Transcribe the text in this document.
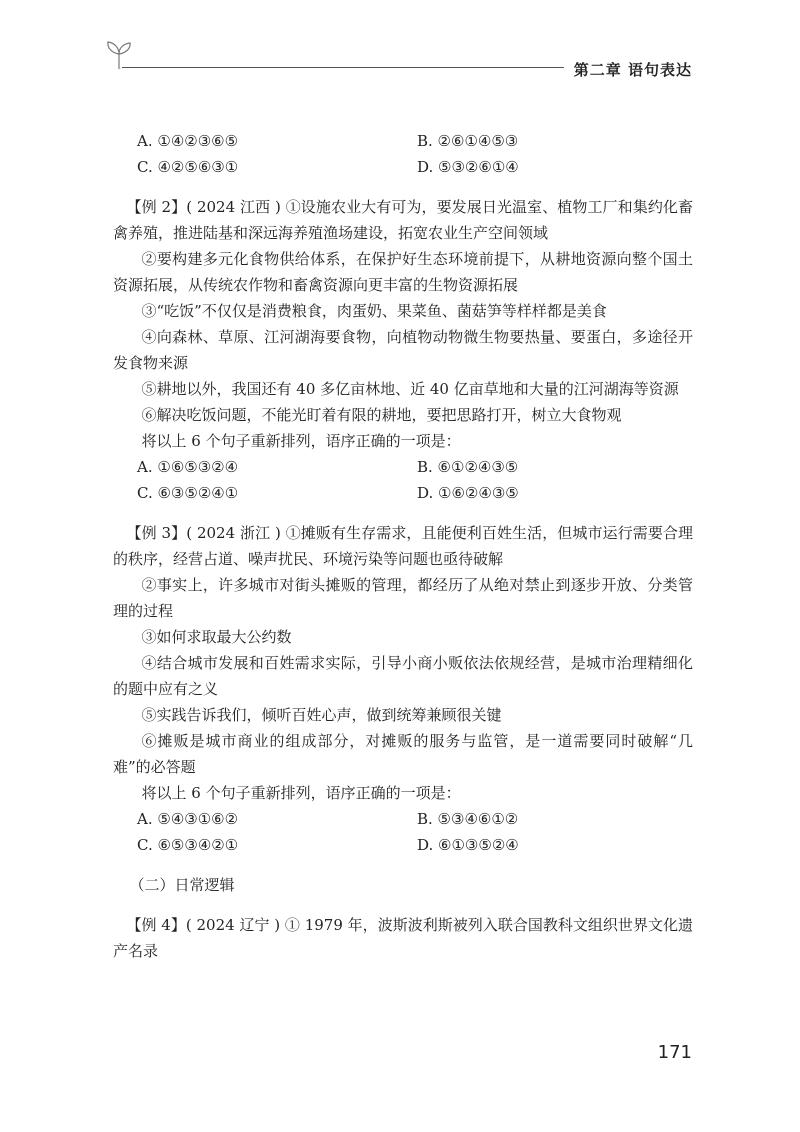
第二章 语句表达
A. ①④②③⑥⑤	B. ②⑥①④⑤③
C. ④②⑤⑥③①	D. ⑤③②⑥①④

【例 2】( 2024 江西 ) ①设施农业大有可为，要发展日光温室、植物工厂和集约化畜禽养殖，推进陆基和深远海养殖渔场建设，拓宽农业生产空间领域

②要构建多元化食物供给体系，在保护好生态环境前提下，从耕地资源向整个国土资源拓展，从传统农作物和畜禽资源向更丰富的生物资源拓展

③“吃饭”不仅仅是消费粮食，肉蛋奶、果菜鱼、菌菇笋等样样都是美食

④向森林、草原、江河湖海要食物，向植物动物微生物要热量、要蛋白，多途径开发食物来源

⑤耕地以外，我国还有 40 多亿亩林地、近 40 亿亩草地和大量的江河湖海等资源

⑥解决吃饭问题，不能光盯着有限的耕地，要把思路打开，树立大食物观

将以上 6 个句子重新排列，语序正确的一项是：

A. ①⑥⑤③②④	B. ⑥①②④③⑤
C. ⑥③⑤②④①	D. ①⑥②④③⑤

【例 3】( 2024 浙江 ) ①摊贩有生存需求，且能便利百姓生活，但城市运行需要合理的秩序，经营占道、噪声扰民、环境污染等问题也亟待破解

②事实上，许多城市对街头摊贩的管理，都经历了从绝对禁止到逐步开放、分类管理的过程

③如何求取最大公约数

④结合城市发展和百姓需求实际，引导小商小贩依法依规经营，是城市治理精细化的题中应有之义

⑤实践告诉我们，倾听百姓心声，做到统筹兼顾很关键

⑥摊贩是城市商业的组成部分，对摊贩的服务与监管，是一道需要同时破解“几难”的必答题

将以上 6 个句子重新排列，语序正确的一项是：

A. ⑤④③①⑥②	B. ⑤③④⑥①②
C. ⑥⑤③④②①	D. ⑥①③⑤②④
（二）日常逻辑

【例 4】( 2024 辽宁 ) ① 1979 年，波斯波利斯被列入联合国教科文组织世界文化遗产名录

171
